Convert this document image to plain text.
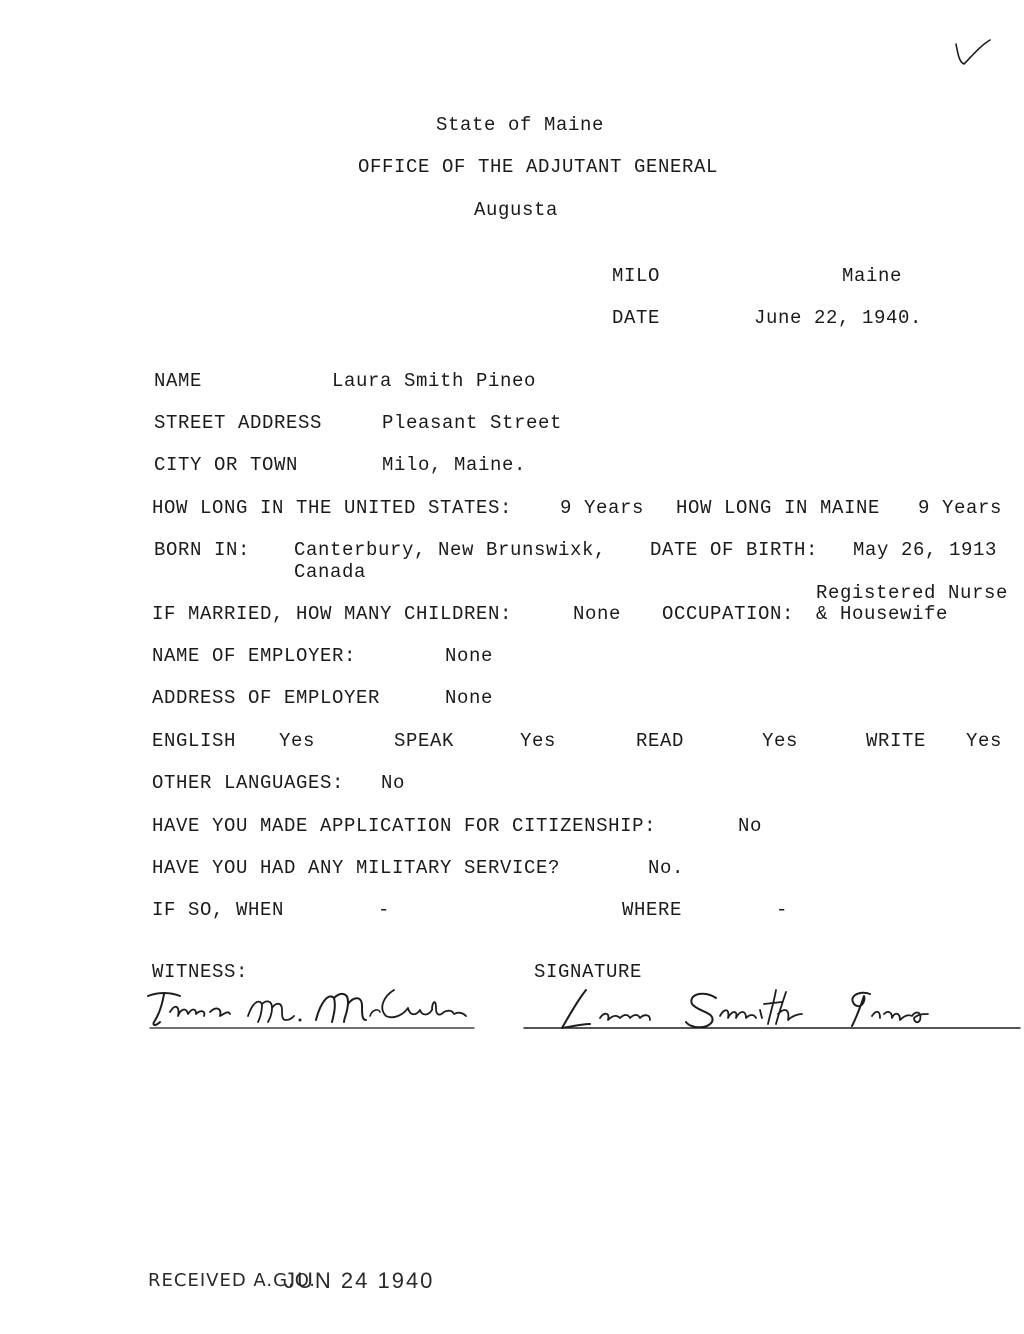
State of Maine
OFFICE OF THE ADJUTANT GENERAL
Augusta
MILO	Maine
DATE	June 22, 1940.
NAME	Laura Smith Pineo
STREET ADDRESS	Pleasant Street
CITY OR TOWN	Milo, Maine.
HOW LONG IN THE UNITED STATES:	9 Years HOW LONG IN MAINE 9 Years
BORN IN: Canterbury, New Brunswixk,
Canada
DATE OF BIRTH: May 26, 1913
IF MARRIED, HOW MANY CHILDREN:	None OCCUPATION:
Registered Nurse
& Housewife
NAME OF EMPLOYER:	None
ADDRESS OF EMPLOYER	None
ENGLISH Yes	SPEAK	Yes	READ	Yes	WRITE Yes
OTHER LANGUAGES: No
HAVE YOU MADE APPLICATION FOR CITIZENSHIP:	No
HAVE YOU HAD ANY MILITARY SERVICE?	No.
IF SO, WHEN	-	WHERE	-
WITNESS:	SIGNATURE
RECEIVED A.G.O.
JUN 24 1940
